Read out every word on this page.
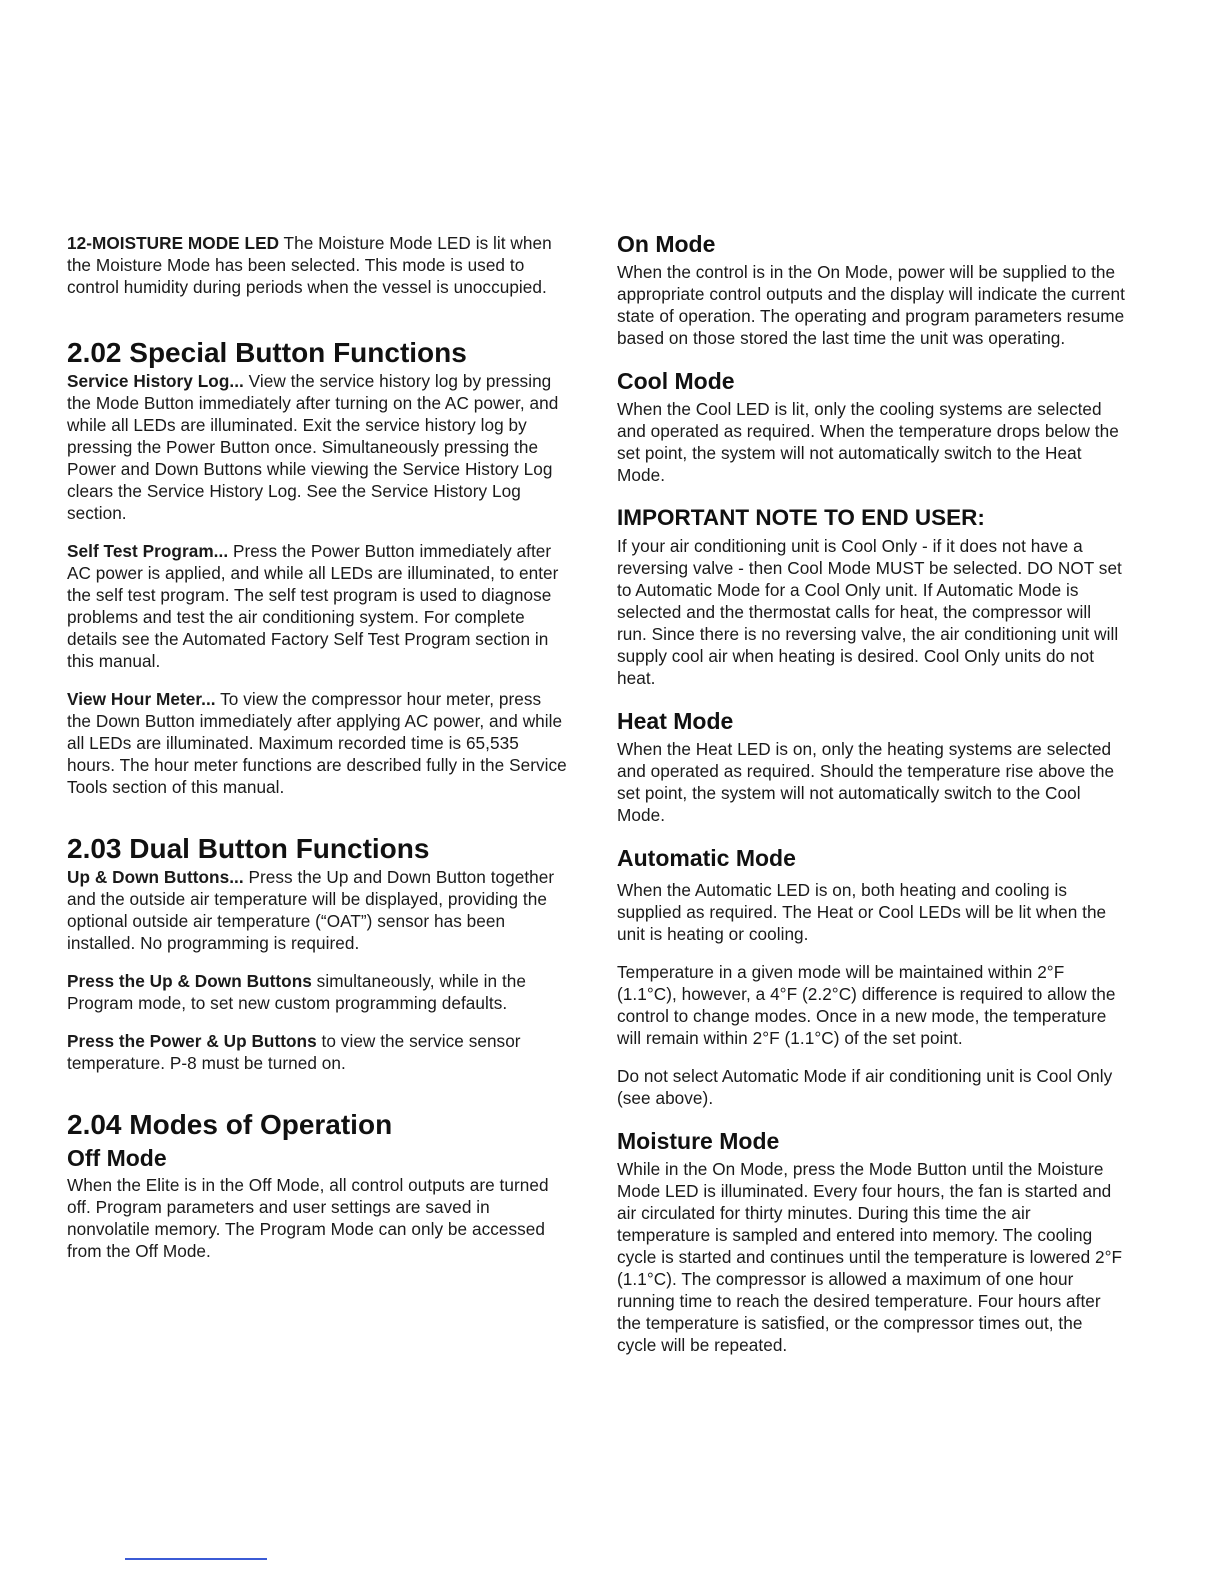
12-MOISTURE MODE LED The Moisture Mode LED is lit when the Moisture Mode has been selected. This mode is used to control humidity during periods when the vessel is unoccupied.

2.02 Special Button Functions

Service History Log... View the service history log by pressing the Mode Button immediately after turning on the AC power, and while all LEDs are illuminated. Exit the service history log by pressing the Power Button once. Simultaneously pressing the Power and Down Buttons while viewing the Service History Log clears the Service History Log. See the Service History Log section.

Self Test Program... Press the Power Button immediately after AC power is applied, and while all LEDs are illuminated, to enter the self test program. The self test program is used to diagnose problems and test the air conditioning system. For complete details see the Automated Factory Self Test Program section in this manual.

View Hour Meter... To view the compressor hour meter, press the Down Button immediately after applying AC power, and while all LEDs are illuminated. Maximum recorded time is 65,535 hours. The hour meter functions are described fully in the Service Tools section of this manual.

2.03 Dual Button Functions

Up & Down Buttons... Press the Up and Down Button together and the outside air temperature will be displayed, providing the optional outside air temperature (“OAT”) sensor has been installed. No programming is required.

Press the Up & Down Buttons simultaneously, while in the Program mode, to set new custom programming defaults.

Press the Power & Up Buttons to view the service sensor temperature. P-8 must be turned on.

2.04 Modes of Operation
Off Mode

When the Elite is in the Off Mode, all control outputs are turned off. Program parameters and user settings are saved in nonvolatile memory. The Program Mode can only be accessed from the Off Mode.

On Mode

When the control is in the On Mode, power will be supplied to the appropriate control outputs and the display will indicate the current state of operation. The operating and program parameters resume based on those stored the last time the unit was operating.

Cool Mode

When the Cool LED is lit, only the cooling systems are selected and operated as required. When the temperature drops below the set point, the system will not automatically switch to the Heat Mode.

IMPORTANT NOTE TO END USER:

If your air conditioning unit is Cool Only - if it does not have a reversing valve - then Cool Mode MUST be selected. DO NOT set to Automatic Mode for a Cool Only unit. If Automatic Mode is selected and the thermostat calls for heat, the compressor will run. Since there is no reversing valve, the air conditioning unit will supply cool air when heating is desired. Cool Only units do not heat.

Heat Mode

When the Heat LED is on, only the heating systems are selected and operated as required. Should the temperature rise above the set point, the system will not automatically switch to the Cool Mode.

Automatic Mode

When the Automatic LED is on, both heating and cooling is supplied as required. The Heat or Cool LEDs will be lit when the unit is heating or cooling.

Temperature in a given mode will be maintained within 2°F (1.1°C), however, a 4°F (2.2°C) difference is required to allow the control to change modes. Once in a new mode, the temperature will remain within 2°F (1.1°C) of the set point.

Do not select Automatic Mode if air conditioning unit is Cool Only (see above).

Moisture Mode

While in the On Mode, press the Mode Button until the Moisture Mode LED is illuminated. Every four hours, the fan is started and air circulated for thirty minutes. During this time the air temperature is sampled and entered into memory. The cooling cycle is started and continues until the temperature is lowered 2°F (1.1°C). The compressor is allowed a maximum of one hour running time to reach the desired temperature. Four hours after the temperature is satisfied, or the compressor times out, the cycle will be repeated.
